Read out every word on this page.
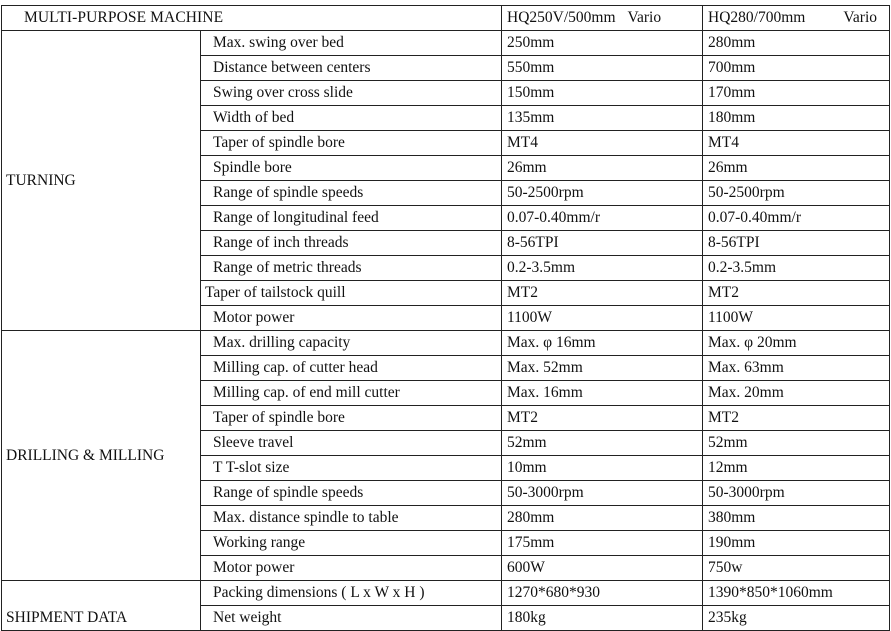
MULTI-PURPOSE MACHINE		HQ250V/500mm Vario	HQ280/700mm Vario

TURNING	Max. swing over bed	250mm	280mm
	Distance between centers	550mm	700mm
	Swing over cross slide	150mm	170mm
	Width of bed	135mm	180mm
	Taper of spindle bore	MT4	MT4
	Spindle bore	26mm	26mm
	Range of spindle speeds	50-2500rpm	50-2500rpm
	Range of longitudinal feed	0.07-0.40mm/r	0.07-0.40mm/r
	Range of inch threads	8-56TPI	8-56TPI
	Range of metric threads	0.2-3.5mm	0.2-3.5mm
	Taper of tailstock quill	MT2	MT2
	Motor power	1100W	1100W
DRILLING & MILLING	Max. drilling capacity	Max. φ 16mm	Max. φ 20mm
	Milling cap. of cutter head	Max. 52mm	Max. 63mm
	Milling cap. of end mill cutter	Max. 16mm	Max. 20mm
	Taper of spindle bore	MT2	MT2
	Sleeve travel	52mm	52mm
	T T-slot size	10mm	12mm
	Range of spindle speeds	50-3000rpm	50-3000rpm
	Max. distance spindle to table	280mm	380mm
	Working range	175mm	190mm
	Motor power	600W	750w
SHIPMENT DATA	Packing dimensions ( L x W x H )	1270*680*930	1390*850*1060mm
	Net weight	180kg	235kg
